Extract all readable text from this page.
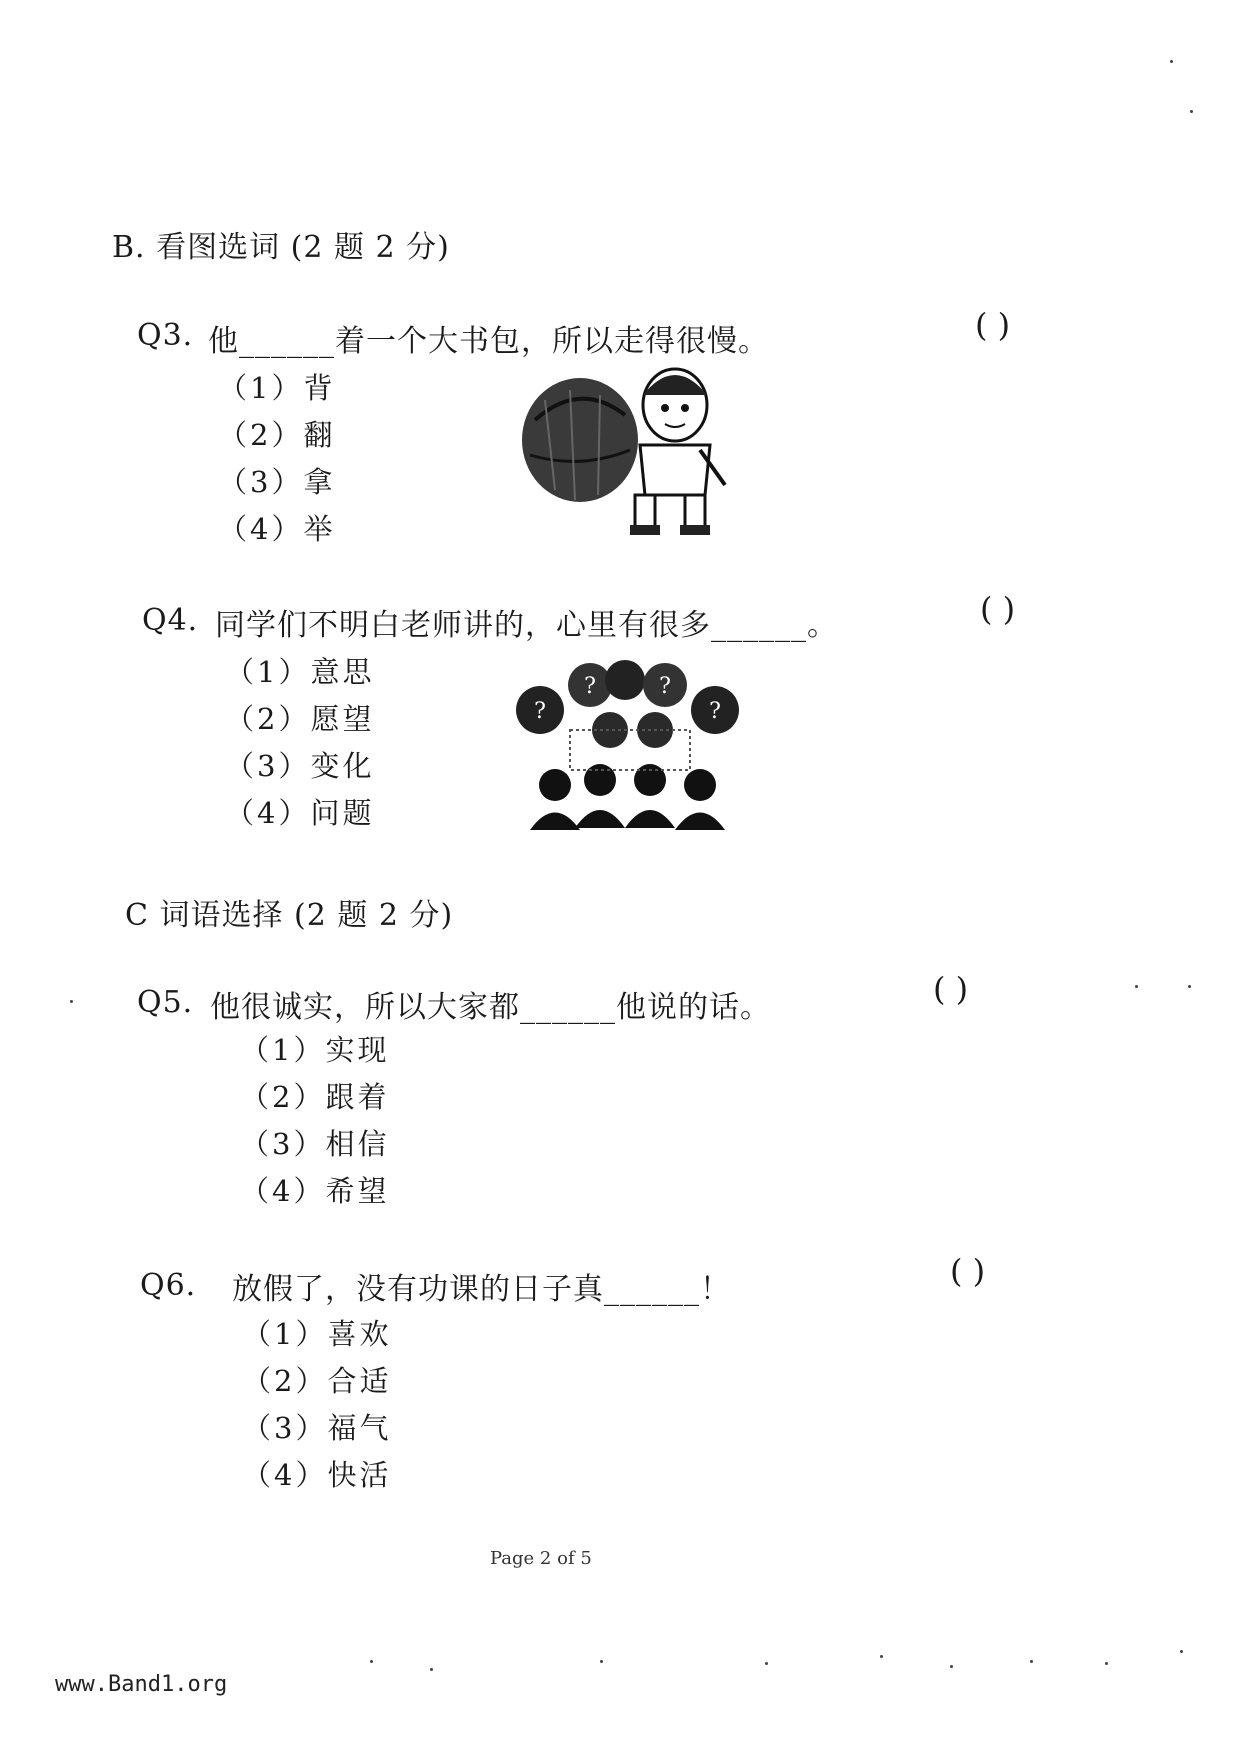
B. 看图选词 (2 题 2 分)
Q3. 他______着一个大书包，所以走得很慢。	( )
（1）背
（2）翻
（3）拿
（4）举
Q4. 同学们不明白老师讲的，心里有很多______。	( )
（1）意思
（2）愿望
（3）变化
（4）问题
?
?	?
?
C 词语选择 (2 题 2 分)
Q5. 他很诚实，所以大家都______他说的话。	( )
（1）实现
（2）跟着
（3）相信
（4）希望
Q6. 放假了，没有功课的日子真______！	( )
（1）喜欢
（2）合适
（3）福气
（4）快活
Page 2 of 5
www.Band1.org
